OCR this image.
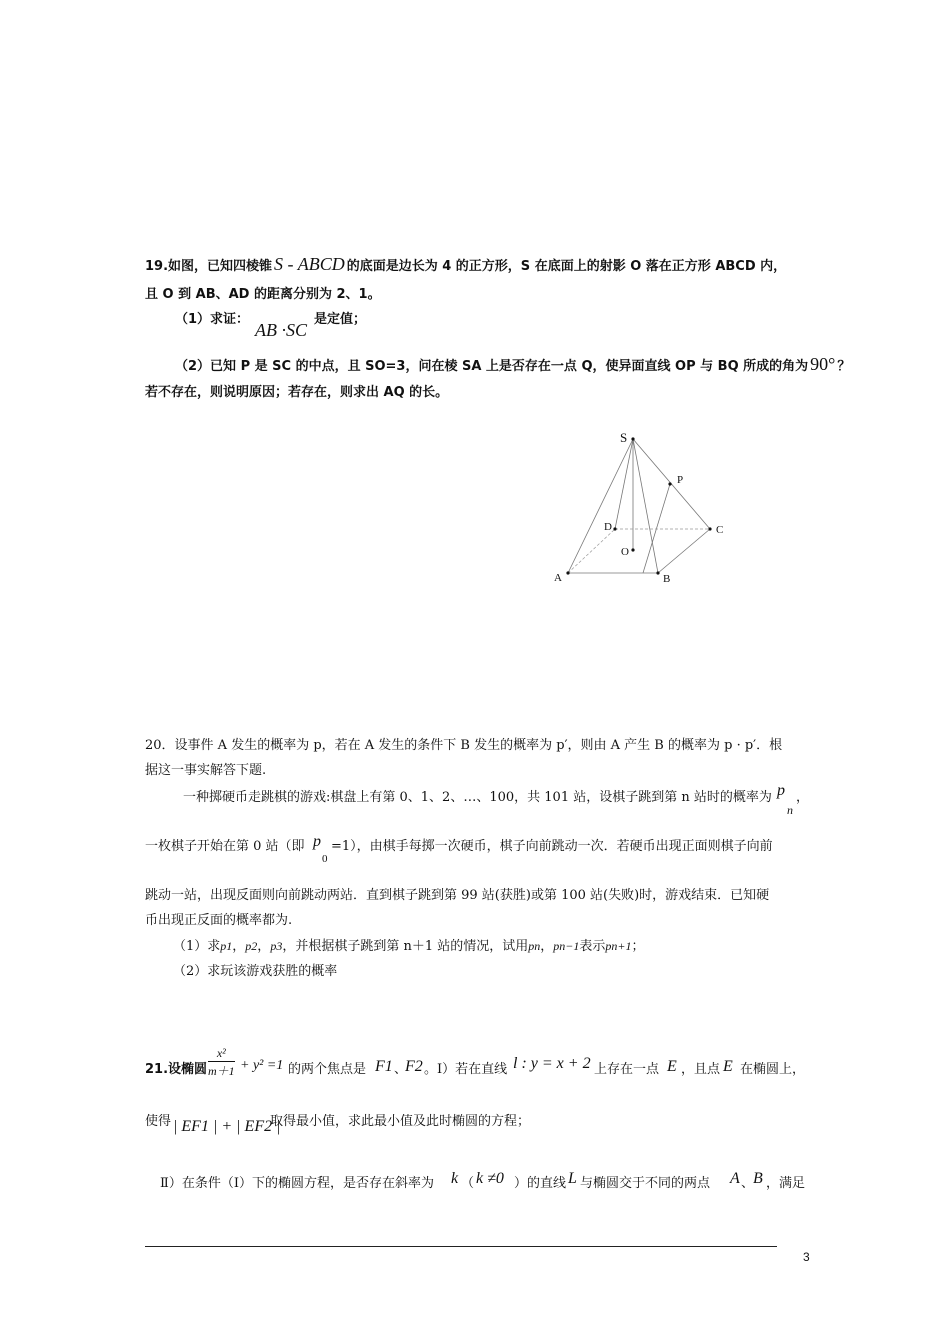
19.如图，已知四棱锥 S - ABCD 的底面是边长为 4 的正方形，S 在底面上的射影 O 落在正方形 ABCD 内，
且 O 到 AB、AD 的距离分别为 2、1。
（1）求证：
AB ·SC
是定值；
（2）已知 P 是 SC 的中点，且 SO=3，问在棱 SA 上是否存在一点 Q，使异面直线 OP 与 BQ 所成的角为 90° ？
若不存在，则说明原因；若存在，则求出 AQ 的长。
S
P
D	C
O
A	B
20．设事件 A 发生的概率为 p，若在 A 发生的条件下 B 发生的概率为 p′，则由 A 产生 B 的概率为 p · p′．根
据这一事实解答下题.
一种掷硬币走跳棋的游戏:棋盘上有第 0、1、2、…、100，共 101 站，设棋子跳到第 n 站时的概率为 p
n
，
一枚棋子开始在第 0 站（即 p
0
=1），由棋手每掷一次硬币，棋子向前跳动一次．若硬币出现正面则棋子向前
跳动一站，出现反面则向前跳动两站．直到棋子跳到第 99 站(获胜)或第 100 站(失败)时，游戏结束．已知硬
币出现正反面的概率都为.
（1）求p1，p2，p3，并根据棋子跳到第 n＋1 站的情况，试用pn，pn−1表示pn+1；
（2）求玩该游戏获胜的概率
21.设椭圆 $\frac{\text{x²}}{m+1} + y^2 =1$ 的两个焦点是 F1 、
F2 。Ⅰ）若在直线 l : y = x + 2 上存在一点 E ，且点 E 在椭圆上，
使得 | EF1 | + | EF2 |
取得最小值，求此最小值及此时椭圆的方程；
Ⅱ）在条件（Ⅰ）下的椭圆方程，是否存在斜率为 k （ k ≠0 ）的直线 L 与椭圆交于不同的两点 A 、
B ，满足
3
